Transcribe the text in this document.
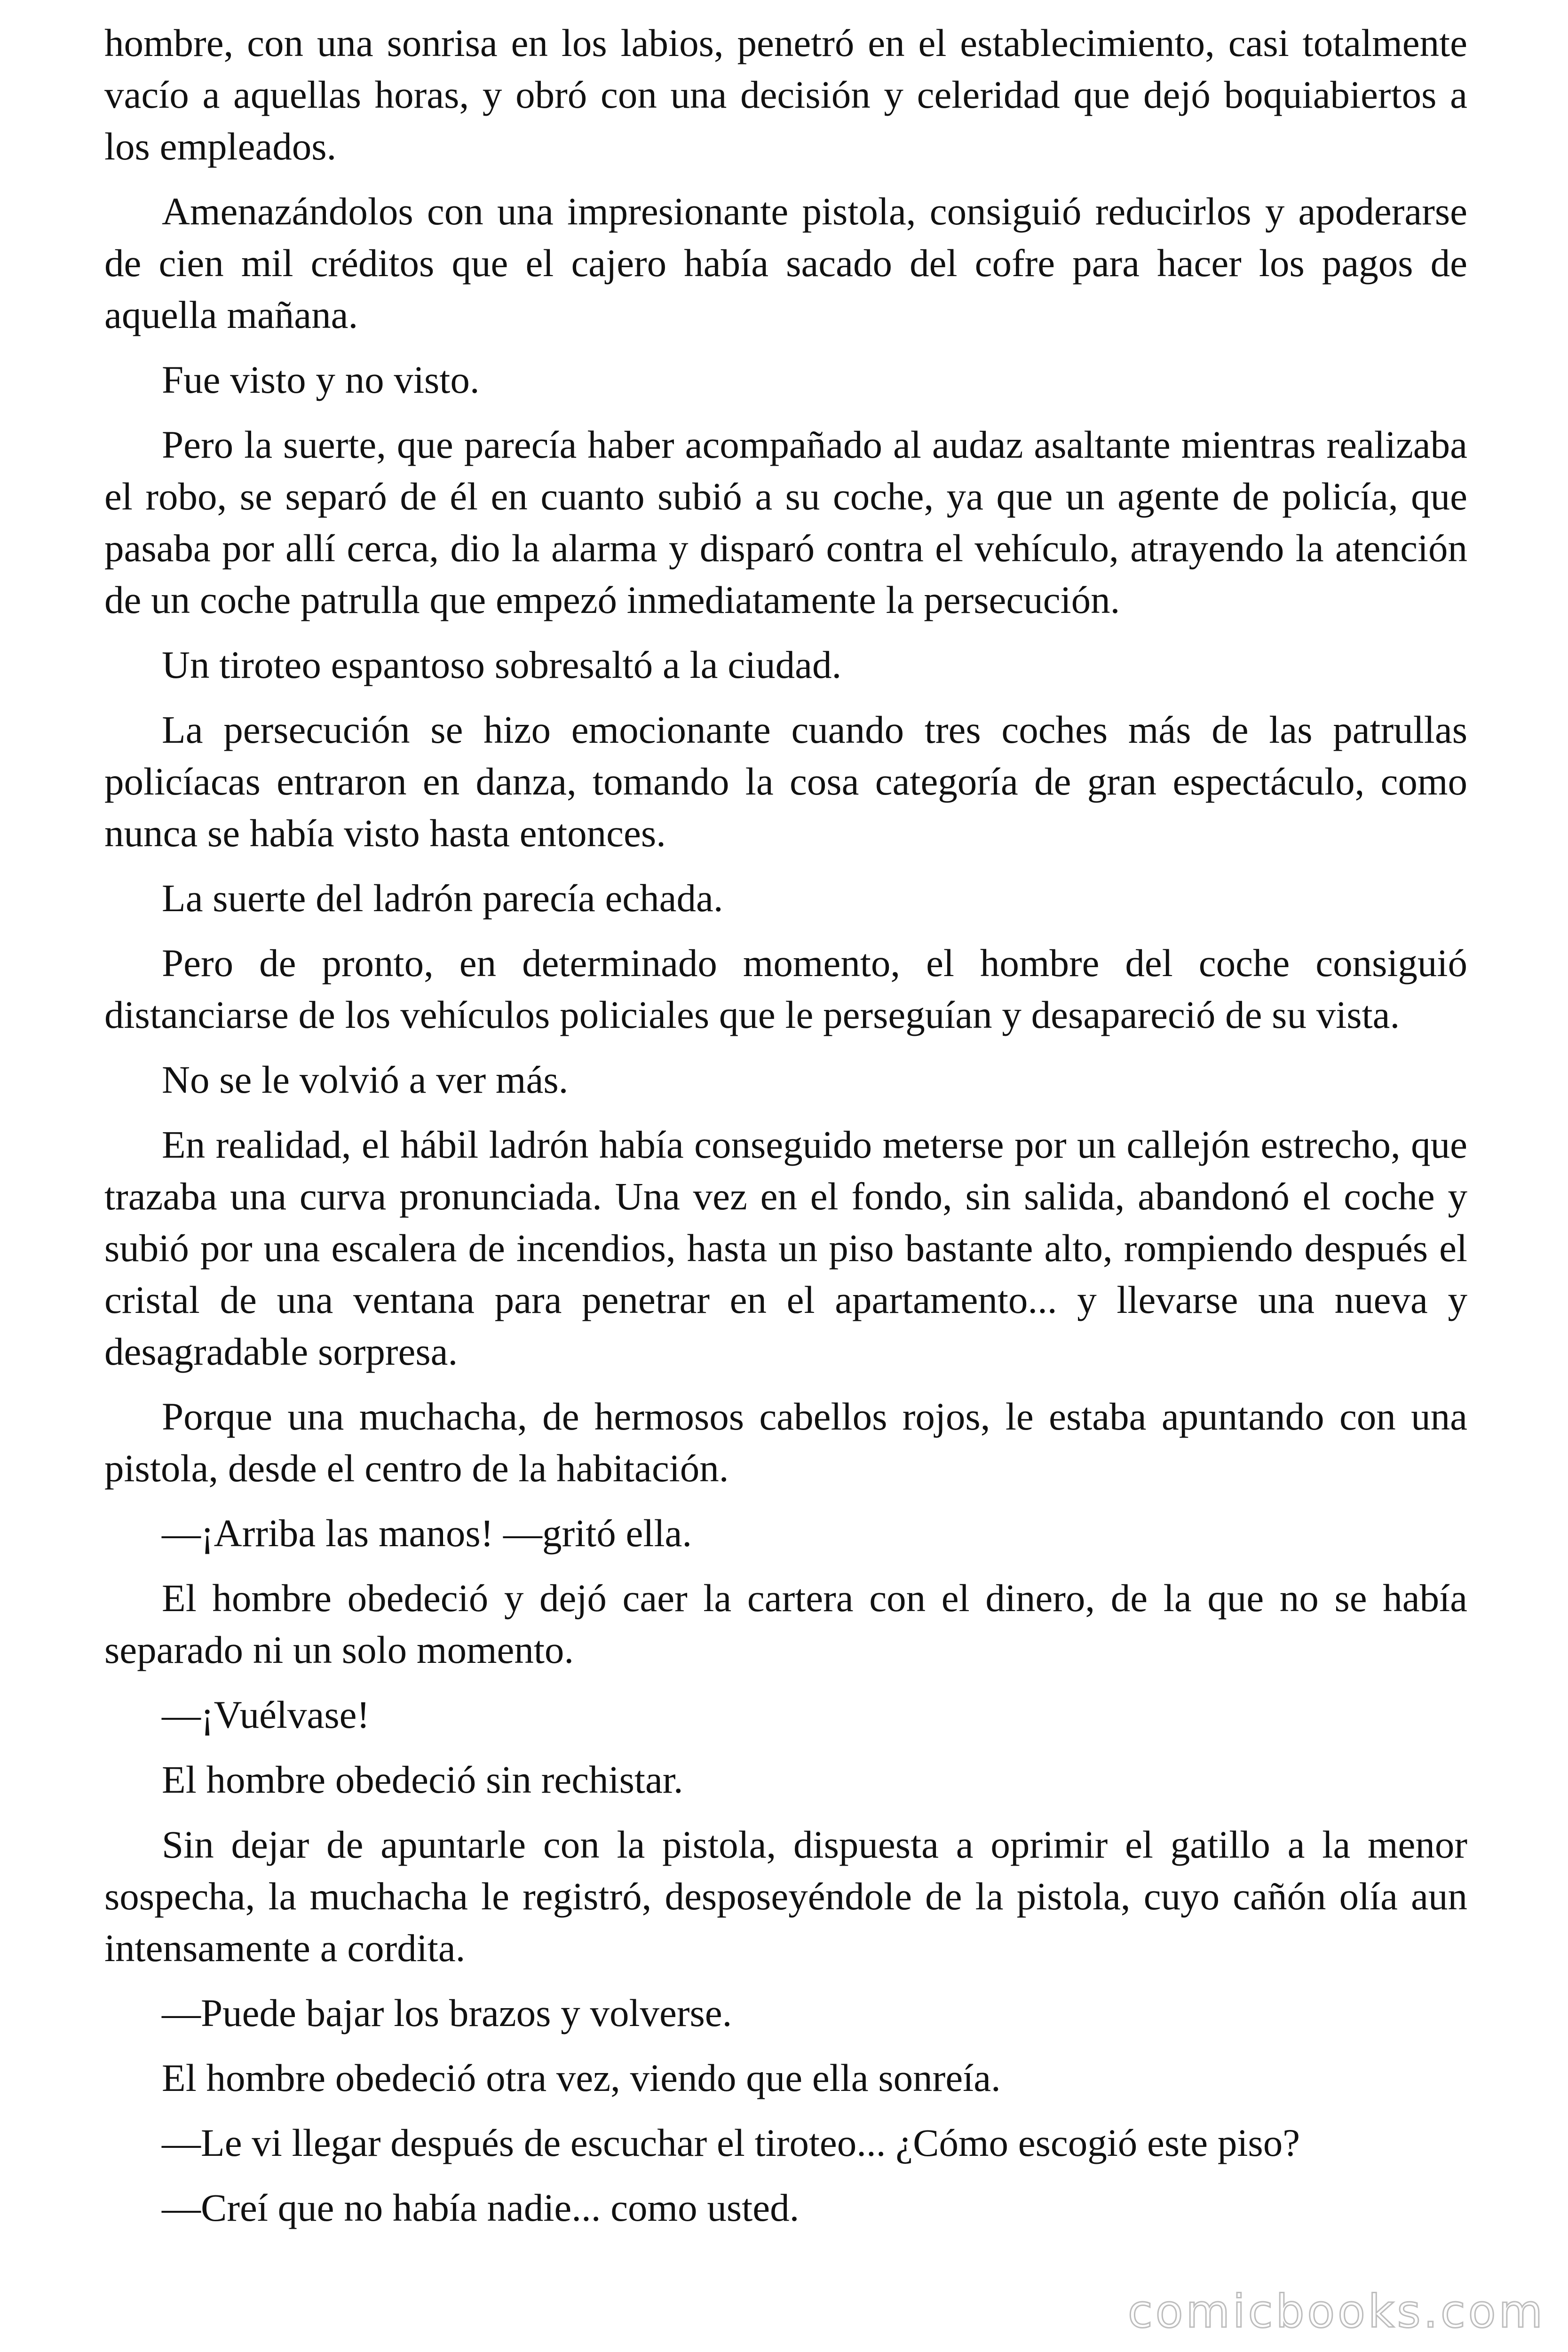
hombre, con una sonrisa en los labios, penetró en el establecimiento, casi totalmente vacío a aquellas horas, y obró con una decisión y celeridad que dejó boquiabiertos a los empleados.

Amenazándolos con una impresionante pistola, consiguió reducirlos y apoderarse de cien mil créditos que el cajero había sacado del cofre para hacer los pagos de aquella mañana.

Fue visto y no visto.

Pero la suerte, que parecía haber acompañado al audaz asaltante mientras realizaba el robo, se separó de él en cuanto subió a su coche, ya que un agente de policía, que pasaba por allí cerca, dio la alarma y disparó contra el vehículo, atrayendo la atención de un coche patrulla que empezó inmediatamente la persecución.

Un tiroteo espantoso sobresaltó a la ciudad.

La persecución se hizo emocionante cuando tres coches más de las patrullas policíacas entraron en danza, tomando la cosa categoría de gran espectáculo, como nunca se había visto hasta entonces.

La suerte del ladrón parecía echada.

Pero de pronto, en determinado momento, el hombre del coche consiguió distanciarse de los vehículos policiales que le perseguían y desapareció de su vista.

No se le volvió a ver más.

En realidad, el hábil ladrón había conseguido meterse por un callejón estrecho, que trazaba una curva pronunciada. Una vez en el fondo, sin salida, abandonó el coche y subió por una escalera de incendios, hasta un piso bastante alto, rompiendo después el cristal de una ventana para penetrar en el apartamento... y llevarse una nueva y desagradable sorpresa.

Porque una muchacha, de hermosos cabellos rojos, le estaba apuntando con una pistola, desde el centro de la habitación.

—¡Arriba las manos! —gritó ella.

El hombre obedeció y dejó caer la cartera con el dinero, de la que no se había separado ni un solo momento.

—¡Vuélvase!

El hombre obedeció sin rechistar.

Sin dejar de apuntarle con la pistola, dispuesta a oprimir el gatillo a la menor sospecha, la muchacha le registró, desposeyéndole de la pistola, cuyo cañón olía aun intensamente a cordita.

—Puede bajar los brazos y volverse.

El hombre obedeció otra vez, viendo que ella sonreía.

—Le vi llegar después de escuchar el tiroteo... ¿Cómo escogió este piso?

—Creí que no había nadie... como usted.

comicbooks.com
